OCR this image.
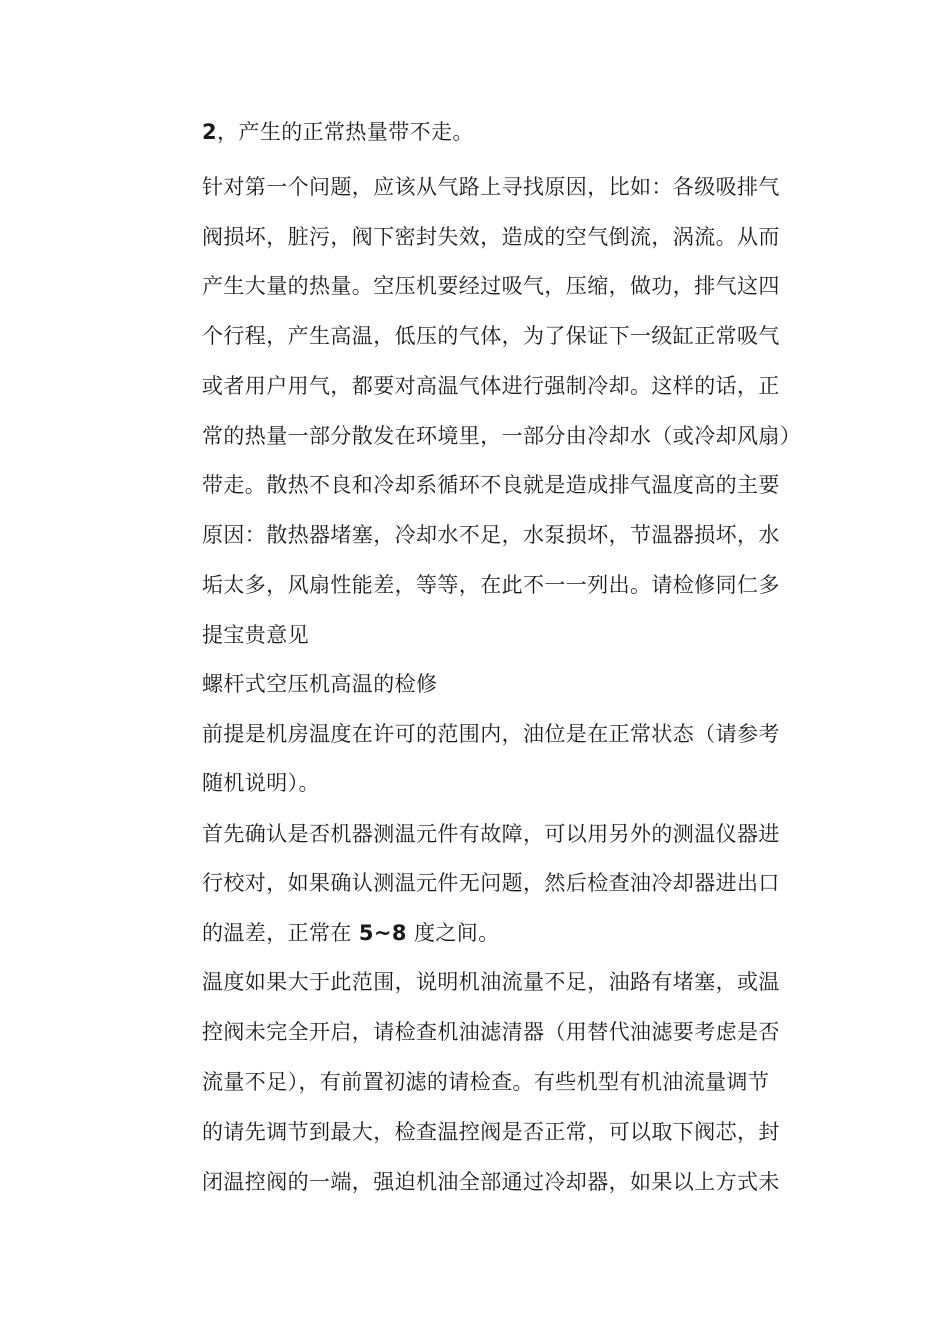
2，产生的正常热量带不走。
针对第一个问题，应该从气路上寻找原因，比如：各级吸排气
阀损坏，脏污，阀下密封失效，造成的空气倒流，涡流。从而
产生大量的热量。空压机要经过吸气，压缩，做功，排气这四
个行程，产生高温，低压的气体，为了保证下一级缸正常吸气
或者用户用气，都要对高温气体进行强制冷却。这样的话，正
常的热量一部分散发在环境里，一部分由冷却水（或冷却风扇）
带走。散热不良和冷却系循环不良就是造成排气温度高的主要
原因：散热器堵塞，冷却水不足，水泵损坏，节温器损坏，水
垢太多，风扇性能差，等等，在此不一一列出。请检修同仁多
提宝贵意见
螺杆式空压机高温的检修
前提是机房温度在许可的范围内，油位是在正常状态（请参考
随机说明）。
首先确认是否机器测温元件有故障，可以用另外的测温仪器进
行校对，如果确认测温元件无问题，然后检查油冷却器进出口
的温差，正常在 5~8 度之间。
温度如果大于此范围，说明机油流量不足，油路有堵塞，或温
控阀未完全开启，请检查机油滤清器（用替代油滤要考虑是否
流量不足），有前置初滤的请检查。有些机型有机油流量调节
的请先调节到最大，检查温控阀是否正常，可以取下阀芯，封
闭温控阀的一端，强迫机油全部通过冷却器，如果以上方式未
